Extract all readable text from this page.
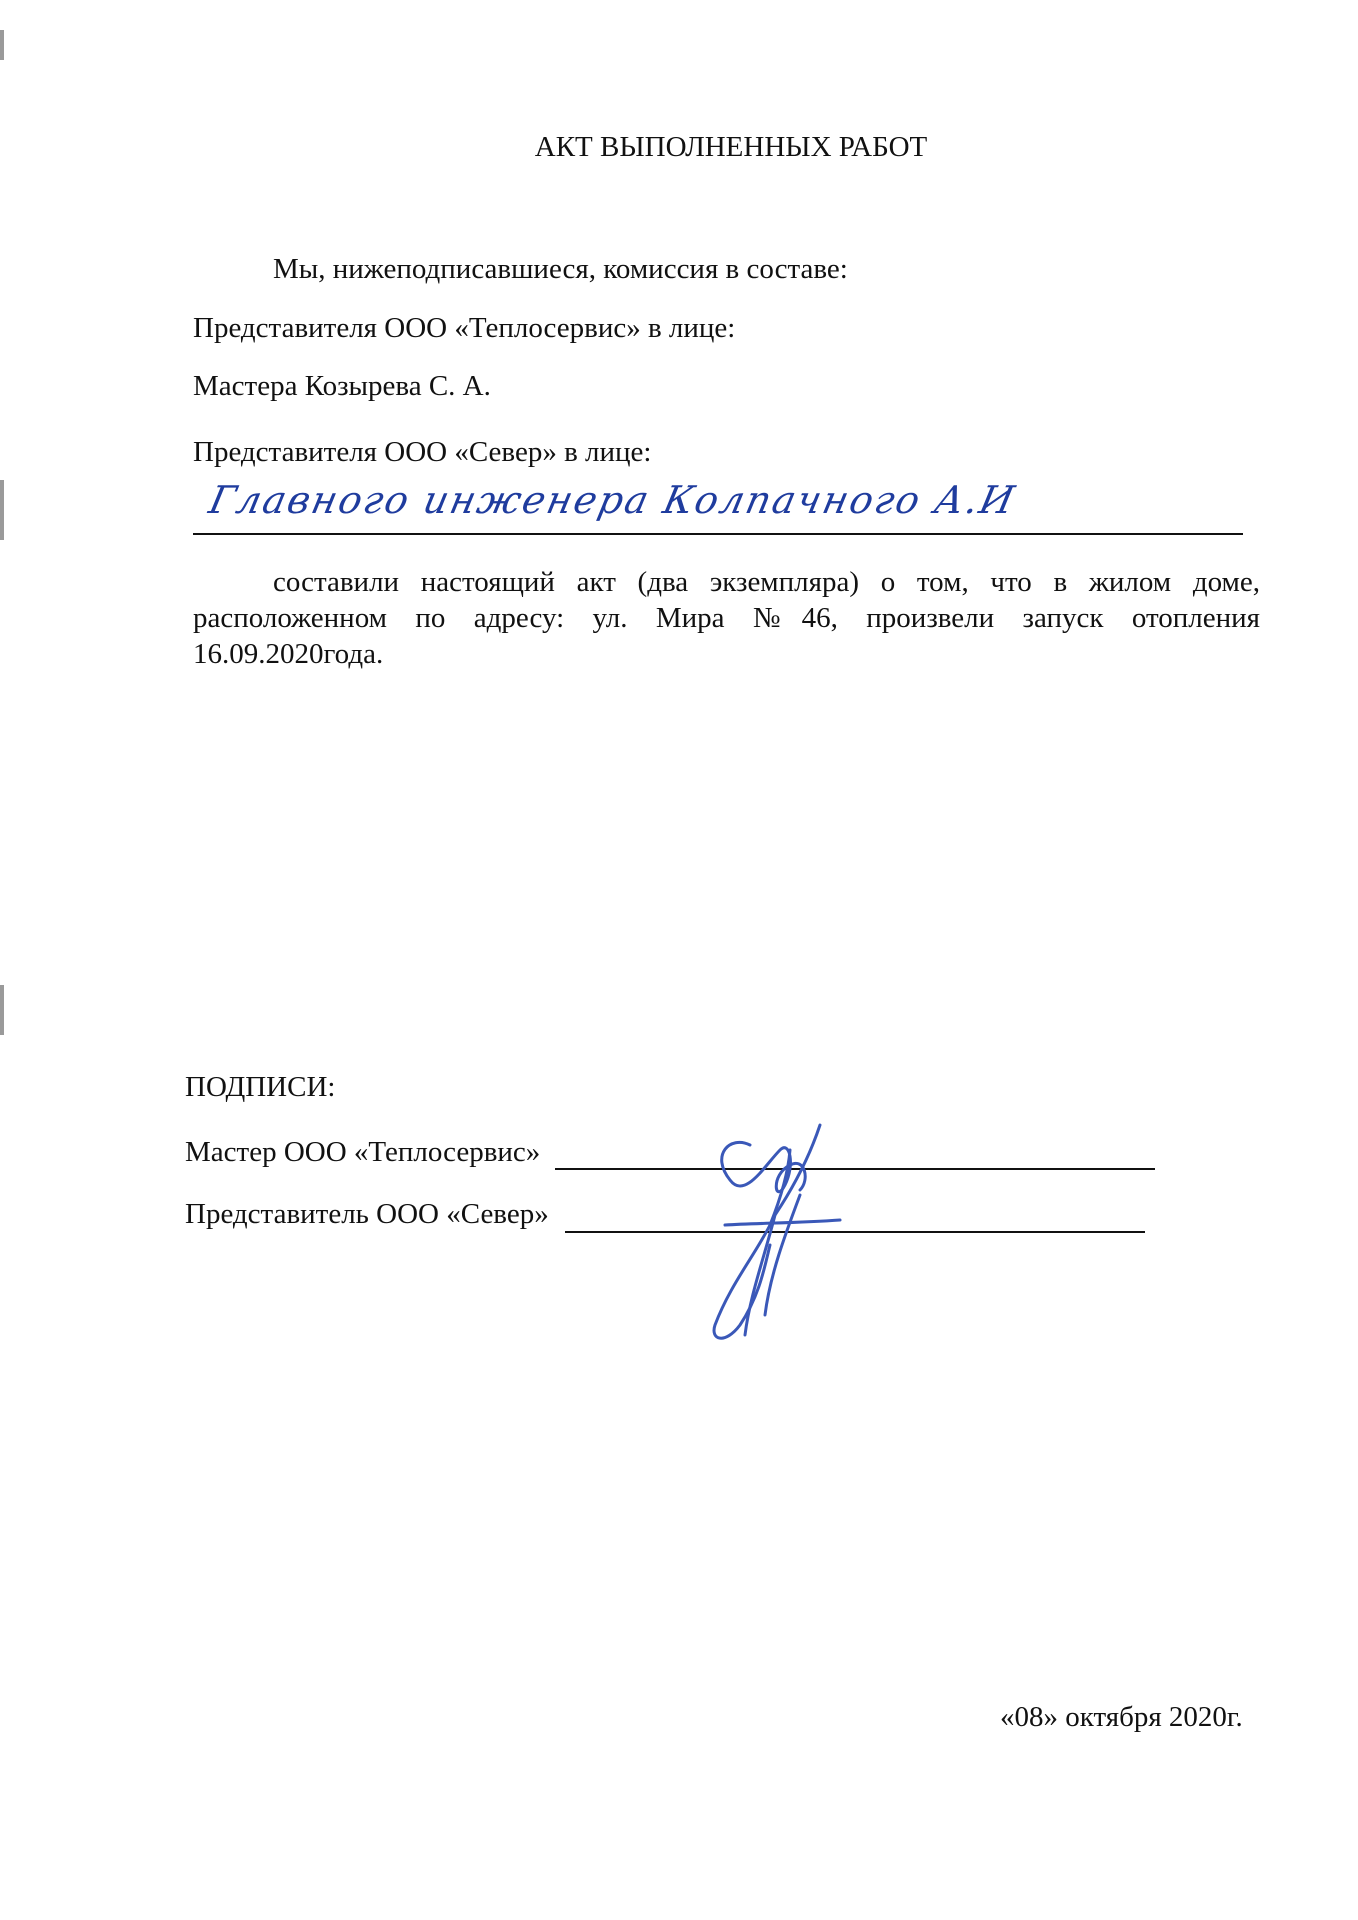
АКТ ВЫПОЛНЕННЫХ РАБОТ
Мы, нижеподписавшиеся, комиссия в составе:
Представителя ООО «Теплосервис» в лице:
Мастера Козырева С. А.
Представителя ООО «Север» в лице:
Главного инженера Колпачного А.И
составили настоящий акт (два экземпляра) о том, что в жилом доме, расположенном по адресу: ул. Мира №46, произвели запуск отопления 16.09.2020года.
ПОДПИСИ:
Мастер ООО «Теплосервис»
Представитель ООО «Север»
«08» октября 2020г.
